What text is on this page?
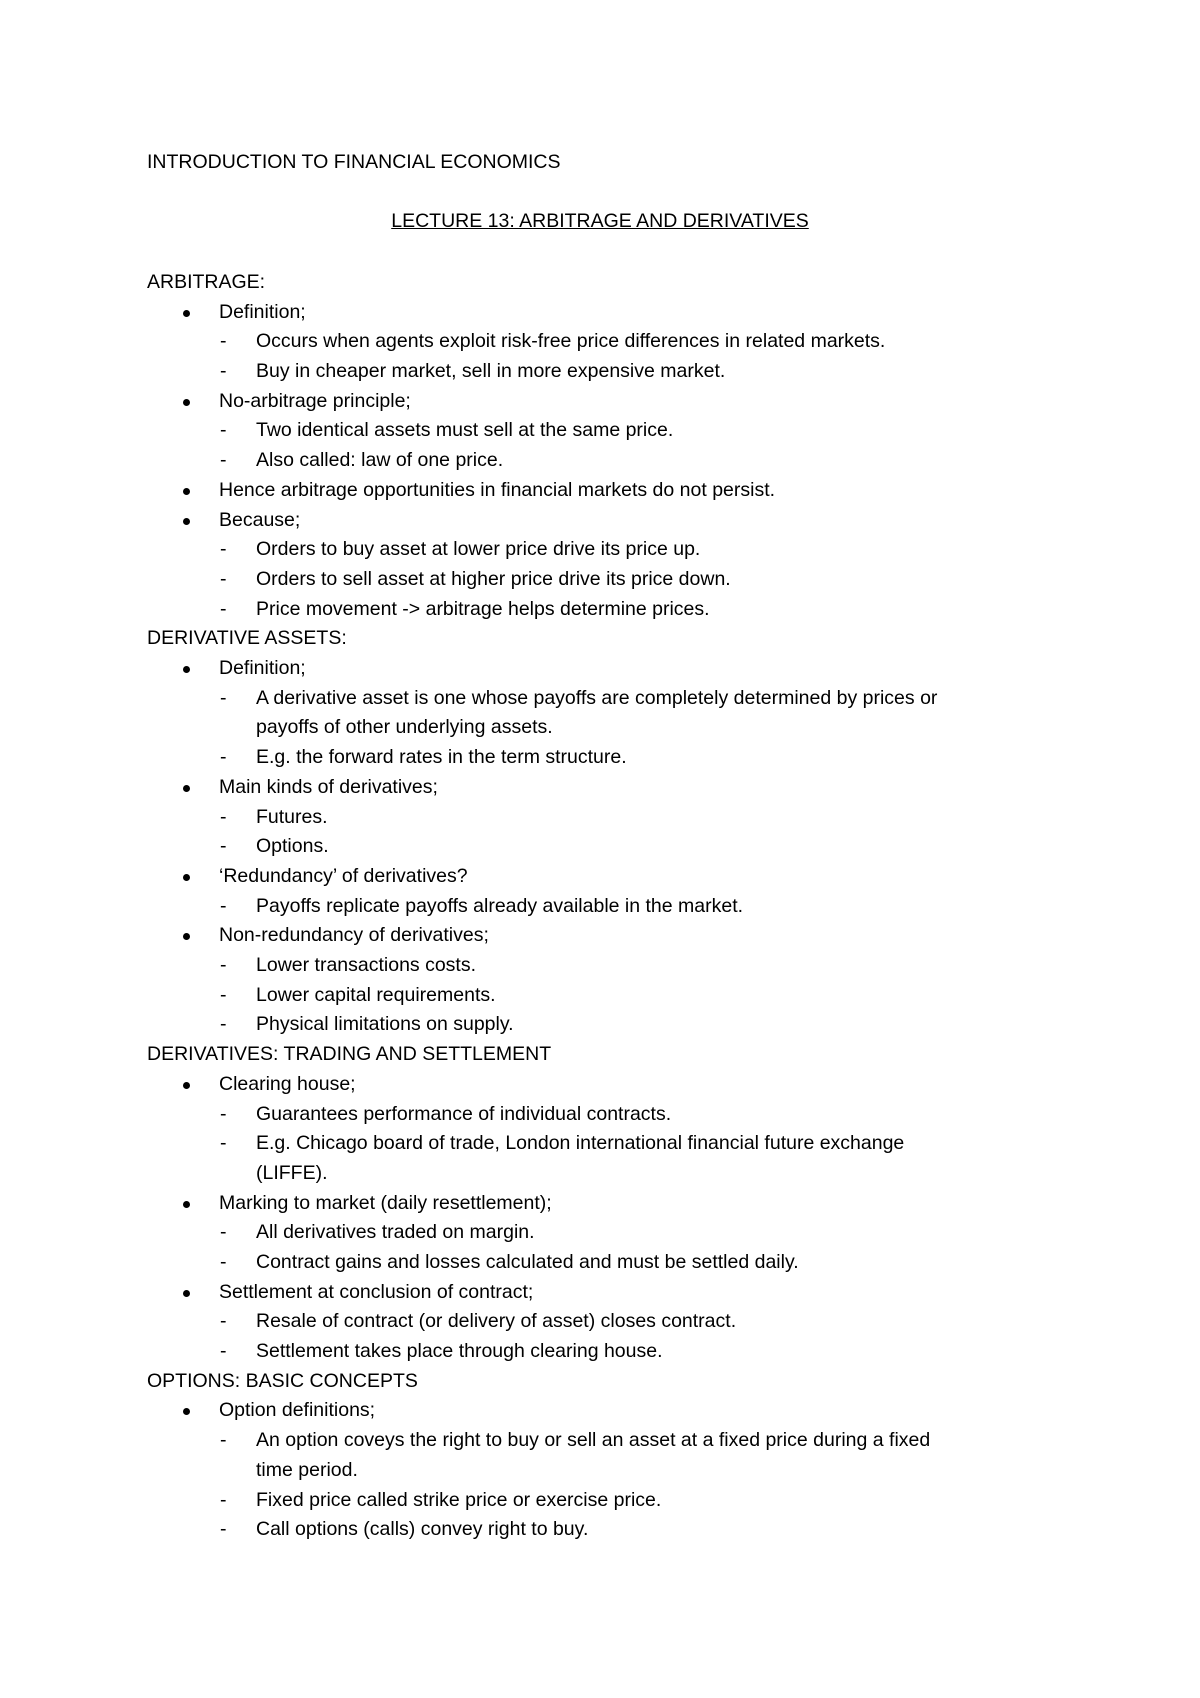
INTRODUCTION TO FINANCIAL ECONOMICS
LECTURE 13: ARBITRAGE AND DERIVATIVES
ARBITRAGE:
Definition;
- Occurs when agents exploit risk-free price differences in related markets.
- Buy in cheaper market, sell in more expensive market.
No-arbitrage principle;
- Two identical assets must sell at the same price.
- Also called: law of one price.
Hence arbitrage opportunities in financial markets do not persist.
Because;
- Orders to buy asset at lower price drive its price up.
- Orders to sell asset at higher price drive its price down.
- Price movement -> arbitrage helps determine prices.
DERIVATIVE ASSETS:
Definition;
- A derivative asset is one whose payoffs are completely determined by prices or
payoffs of other underlying assets.
- E.g. the forward rates in the term structure.
Main kinds of derivatives;
- Futures.
- Options.
‘Redundancy’ of derivatives?
- Payoffs replicate payoffs already available in the market.
Non-redundancy of derivatives;
- Lower transactions costs.
- Lower capital requirements.
- Physical limitations on supply.
DERIVATIVES: TRADING AND SETTLEMENT
Clearing house;
- Guarantees performance of individual contracts.
- E.g. Chicago board of trade, London international financial future exchange
(LIFFE).
Marking to market (daily resettlement);
- All derivatives traded on margin.
- Contract gains and losses calculated and must be settled daily.
Settlement at conclusion of contract;
- Resale of contract (or delivery of asset) closes contract.
- Settlement takes place through clearing house.
OPTIONS: BASIC CONCEPTS
Option definitions;
- An option coveys the right to buy or sell an asset at a fixed price during a fixed
time period.
- Fixed price called strike price or exercise price.
- Call options (calls) convey right to buy.
